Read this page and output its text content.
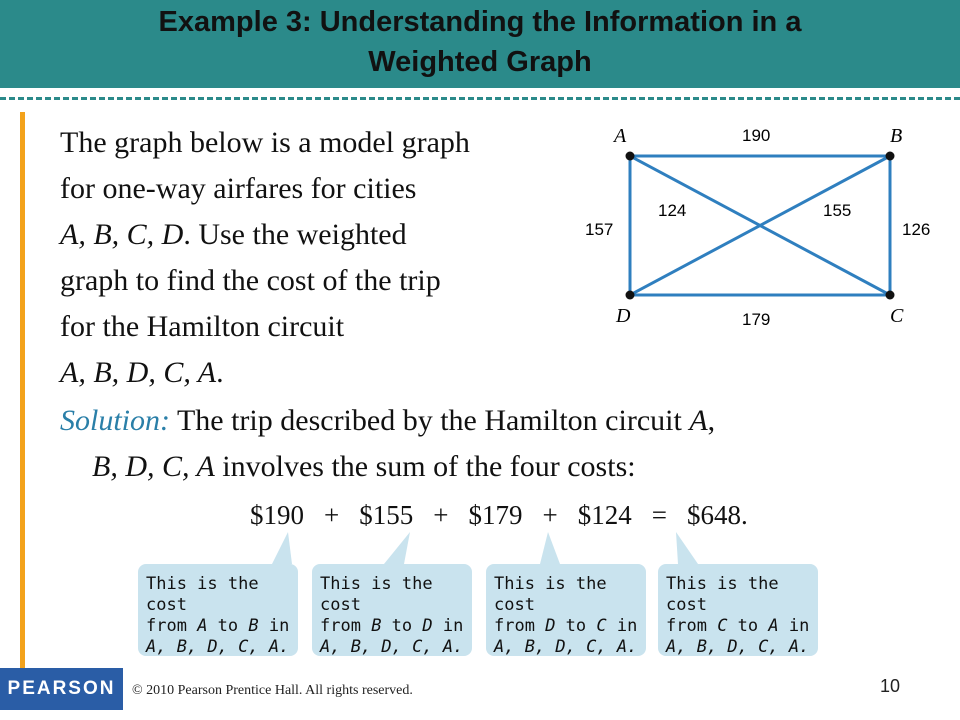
Example 3: Understanding the Information in a
Weighted Graph
The graph below is a model graph
for one-way airfares for cities
A, B, C, D. Use the weighted
graph to find the cost of the trip
for the Hamilton circuit
A, B, D, C, A.
A	B
C
D
190
126
179
157
124	155
Solution: The trip described by the Hamilton circuit A,
B, D, C, A involves the sum of the four costs:
$190 + $155 + $179 + $124 = $648.
This is the cost
from A to B in
A, B, D, C, A.
This is the cost
from B to D in
A, B, D, C, A.
This is the cost
from D to C in
A, B, D, C, A.
This is the cost
from C to A in
A, B, D, C, A.
PEARSON	© 2010 Pearson Prentice Hall. All rights reserved.	10
